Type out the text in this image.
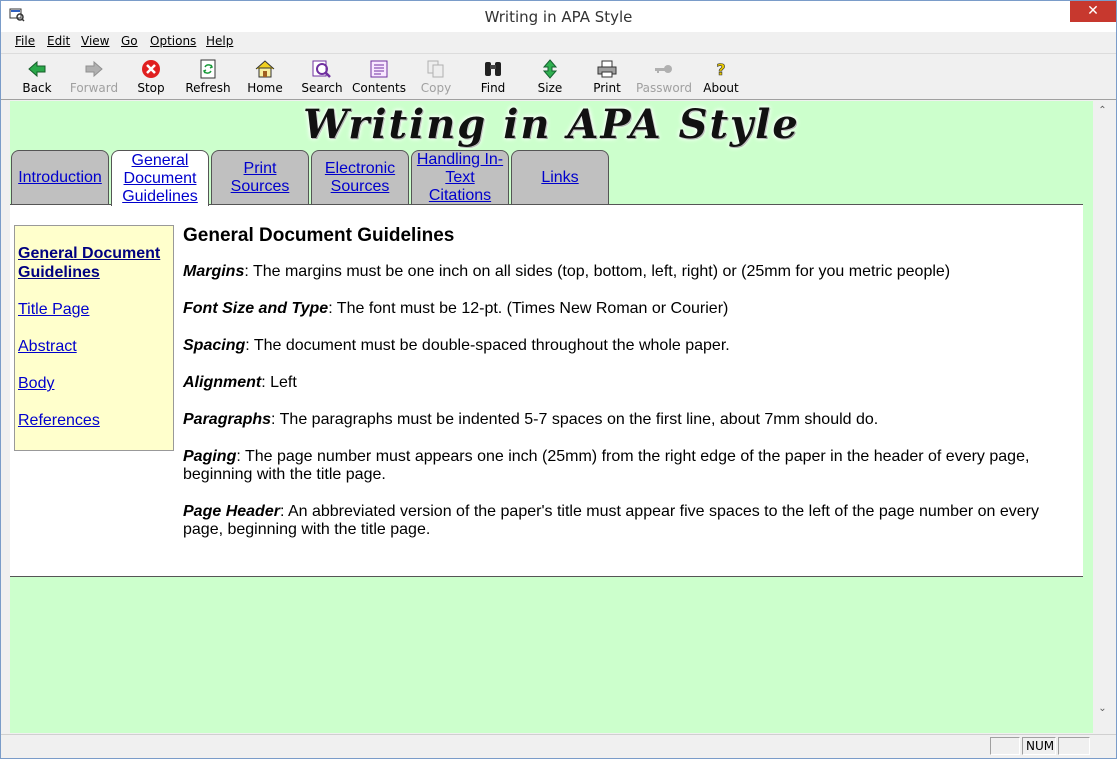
Writing in APA Style	✕
File Edit View Go Options Help
Back	Forward	Stop	Refresh	Home	Search Contents	Copy	Find	Size	Print	Password
?
About
Writing in APA Style
Introduction
General Document Guidelines
Print Sources
Electronic Sources
Handling In-Text Citations
Links
General Document Guidelines
Title Page
Abstract
Body
References
General Document Guidelines

Margins: The margins must be one inch on all sides (top, bottom, left, right) or (25mm for you metric people)

Font Size and Type: The font must be 12-pt. (Times New Roman or Courier)

Spacing: The document must be double-spaced throughout the whole paper.

Alignment: Left

Paragraphs: The paragraphs must be indented 5-7 spaces on the first line, about 7mm should do.

Paging: The page number must appears one inch (25mm) from the right edge of the paper in the header of every page, beginning with the title page.

Page Header: An abbreviated version of the paper's title must appear five spaces to the left of the page number on every page, beginning with the title page.

⌃
⌄
NUM
